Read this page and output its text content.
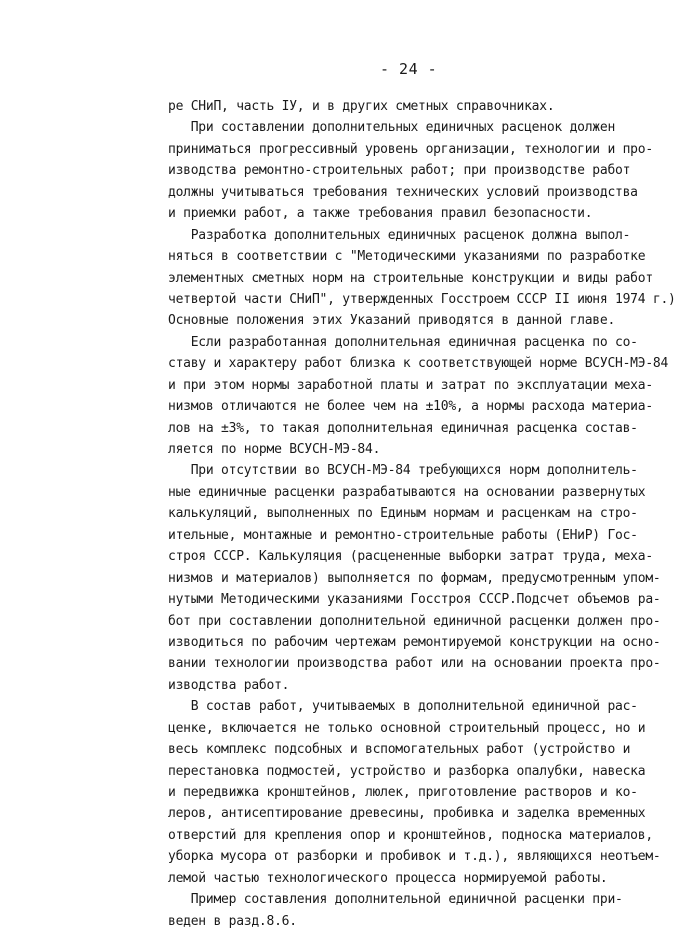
- 24 -
ре СНиП, часть IУ, и в других сметных справочниках.
При составлении дополнительных единичных расценок должен
приниматься прогрессивный уровень организации, технологии и про-
изводства ремонтно-строительных работ; при производстве работ
должны учитываться требования технических условий производства
и приемки работ, а также требования правил безопасности.
Разработка дополнительных единичных расценок должна выпол-
няться в соответствии с "Методическими указаниями по разработке
элементных сметных норм на строительные конструкции и виды работ
четвертой части СНиП", утвержденных Госстроем СССР II июня 1974 г.)
Основные положения этих Указаний приводятся в данной главе.
Если разработанная дополнительная единичная расценка по со-
ставу и характеру работ близка к соответствующей норме ВСУСН-МЭ-84
и при этом нормы заработной платы и затрат по эксплуатации меха-
низмов отличаются не более чем на ±10%, а нормы расхода материа-
лов на ±3%, то такая дополнительная единичная расценка состав-
ляется по норме ВСУСН-МЭ-84.
При отсутствии во ВСУСН-МЭ-84 требующихся норм дополнитель-
ные единичные расценки разрабатываются на основании развернутых
калькуляций, выполненных по Единым нормам и расценкам на стро-
ительные, монтажные и ремонтно-строительные работы (ЕНиР) Гос-
строя СССР. Калькуляция (расцененные выборки затрат труда, меха-
низмов и материалов) выполняется по формам, предусмотренным упом-
нутыми Методическими указаниями Госстроя СССР.Подсчет объемов ра-
бот при составлении дополнительной единичной расценки должен про-
изводиться по рабочим чертежам ремонтируемой конструкции на осно-
вании технологии производства работ или на основании проекта про-
изводства работ.
В состав работ, учитываемых в дополнительной единичной рас-
ценке, включается не только основной строительный процесс, но и
весь комплекс подсобных и вспомогательных работ (устройство и
перестановка подмостей, устройство и разборка опалубки, навеска
и передвижка кронштейнов, люлек, приготовление растворов и ко-
леров, антисептирование древесины, пробивка и заделка временных
отверстий для крепления опор и кронштейнов, подноска материалов,
уборка мусора от разборки и пробивок и т.д.), являющихся неотъем-
лемой частью технологического процесса нормируемой работы.
Пример составления дополнительной единичной расценки при-
веден в разд.8.6.
